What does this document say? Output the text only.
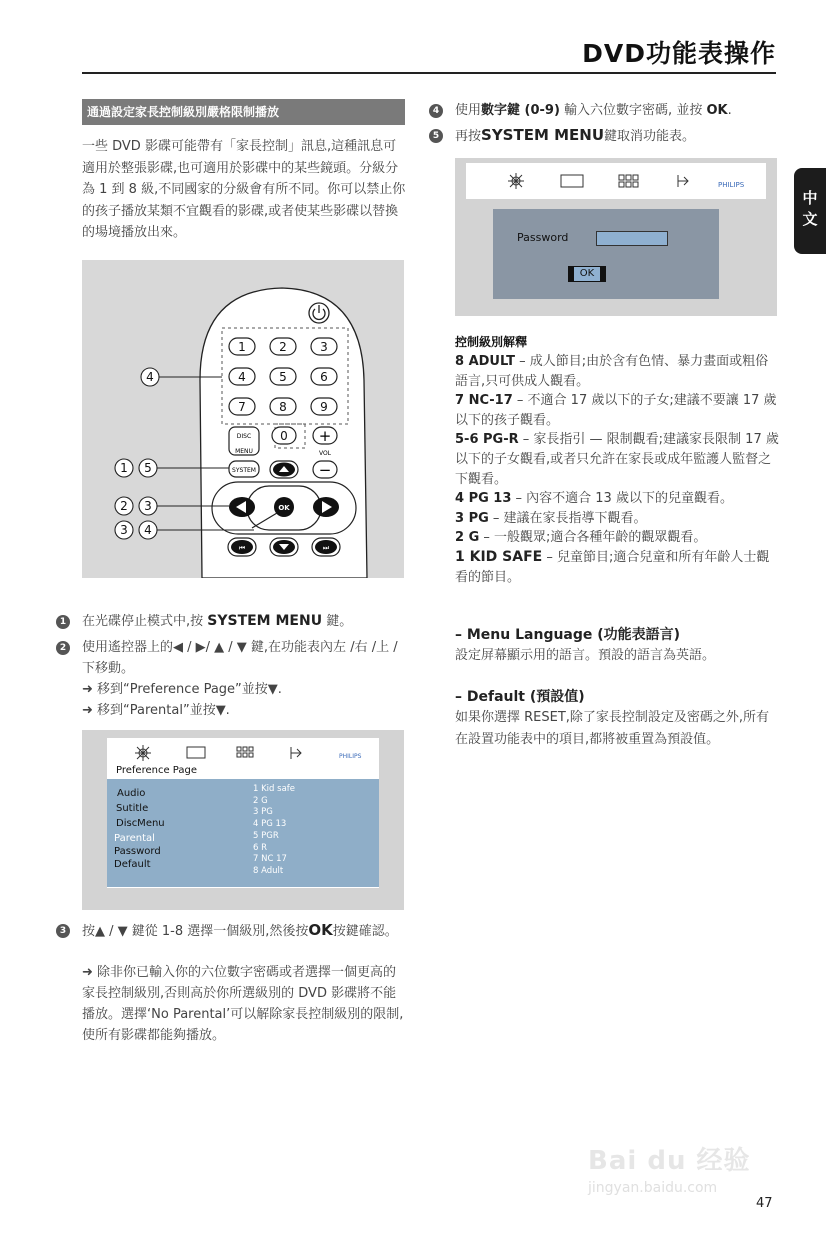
DVD功能表操作
中文
通過設定家長控制級別嚴格限制播放
一些 DVD 影碟可能帶有「家長控制」訊息,這種訊息可適用於整張影碟,也可適用於影碟中的某些鏡頭。分級分為 1 到 8 級,不同國家的分級會有所不同。你可以禁止你的孩子播放某類不宜觀看的影碟,或者使某些影碟以替換的場境播放出來。
1	2	3
4	5	6
7	8	9
0
DISC
MENU
SYSTEM
+
VOL
−
OK
⏮	⏭
4
1 5
2 3
3 4
1 在光碟停止模式中,按 SYSTEM MENU 鍵。
2 使用遙控器上的◀ / ▶/ ▲ / ▼ 鍵,在功能表內左 /右 /上 /下移動。
➜ 移到“Preference Page”並按▼.
➜ 移到“Parental”並按▼.
PHILIPS
Preference Page
Audio
Sutitle
DiscMenu
Parental
Password
Default
1 Kid safe
2 G
3 PG
4 PG 13
5 PGR
6 R
7 NC 17
8 Adult
3 按▲ / ▼ 鍵從 1-8 選擇一個級別,然後按OK按鍵確認。
➜ 除非你已輸入你的六位數字密碼或者選擇一個更高的家長控制級別,否則高於你所選級別的 DVD 影碟將不能播放。選擇‘No Parental’可以解除家長控制級別的限制,使所有影碟都能夠播放。
4 使用數字鍵 (0-9) 輸入六位數字密碼, 並按 OK.
5 再按SYSTEM MENU鍵取消功能表。
PHILIPS
Password
OK
控制級別解釋
8 ADULT – 成人節目;由於含有色情、暴力畫面或粗俗語言,只可供成人觀看。
7 NC-17 – 不適合 17 歲以下的子女;建議不要讓 17 歲以下的孩子觀看。
5-6 PG-R – 家長指引 — 限制觀看;建議家長限制 17 歲以下的子女觀看,或者只允許在家長或成年監護人監督之下觀看。
4 PG 13 – 內容不適合 13 歲以下的兒童觀看。
3 PG – 建議在家長指導下觀看。
2 G – 一般觀眾;適合各種年齡的觀眾觀看。
1 KID SAFE – 兒童節目;適合兒童和所有年齡人士觀看的節目。
– Menu Language (功能表語言)
設定屏幕顯示用的語言。預設的語言為英語。
– Default (預設值)
如果你選擇 RESET,除了家長控制設定及密碼之外,所有在設置功能表中的項目,都將被重置為預設值。
Bai du 经验
jingyan.baidu.com
47
